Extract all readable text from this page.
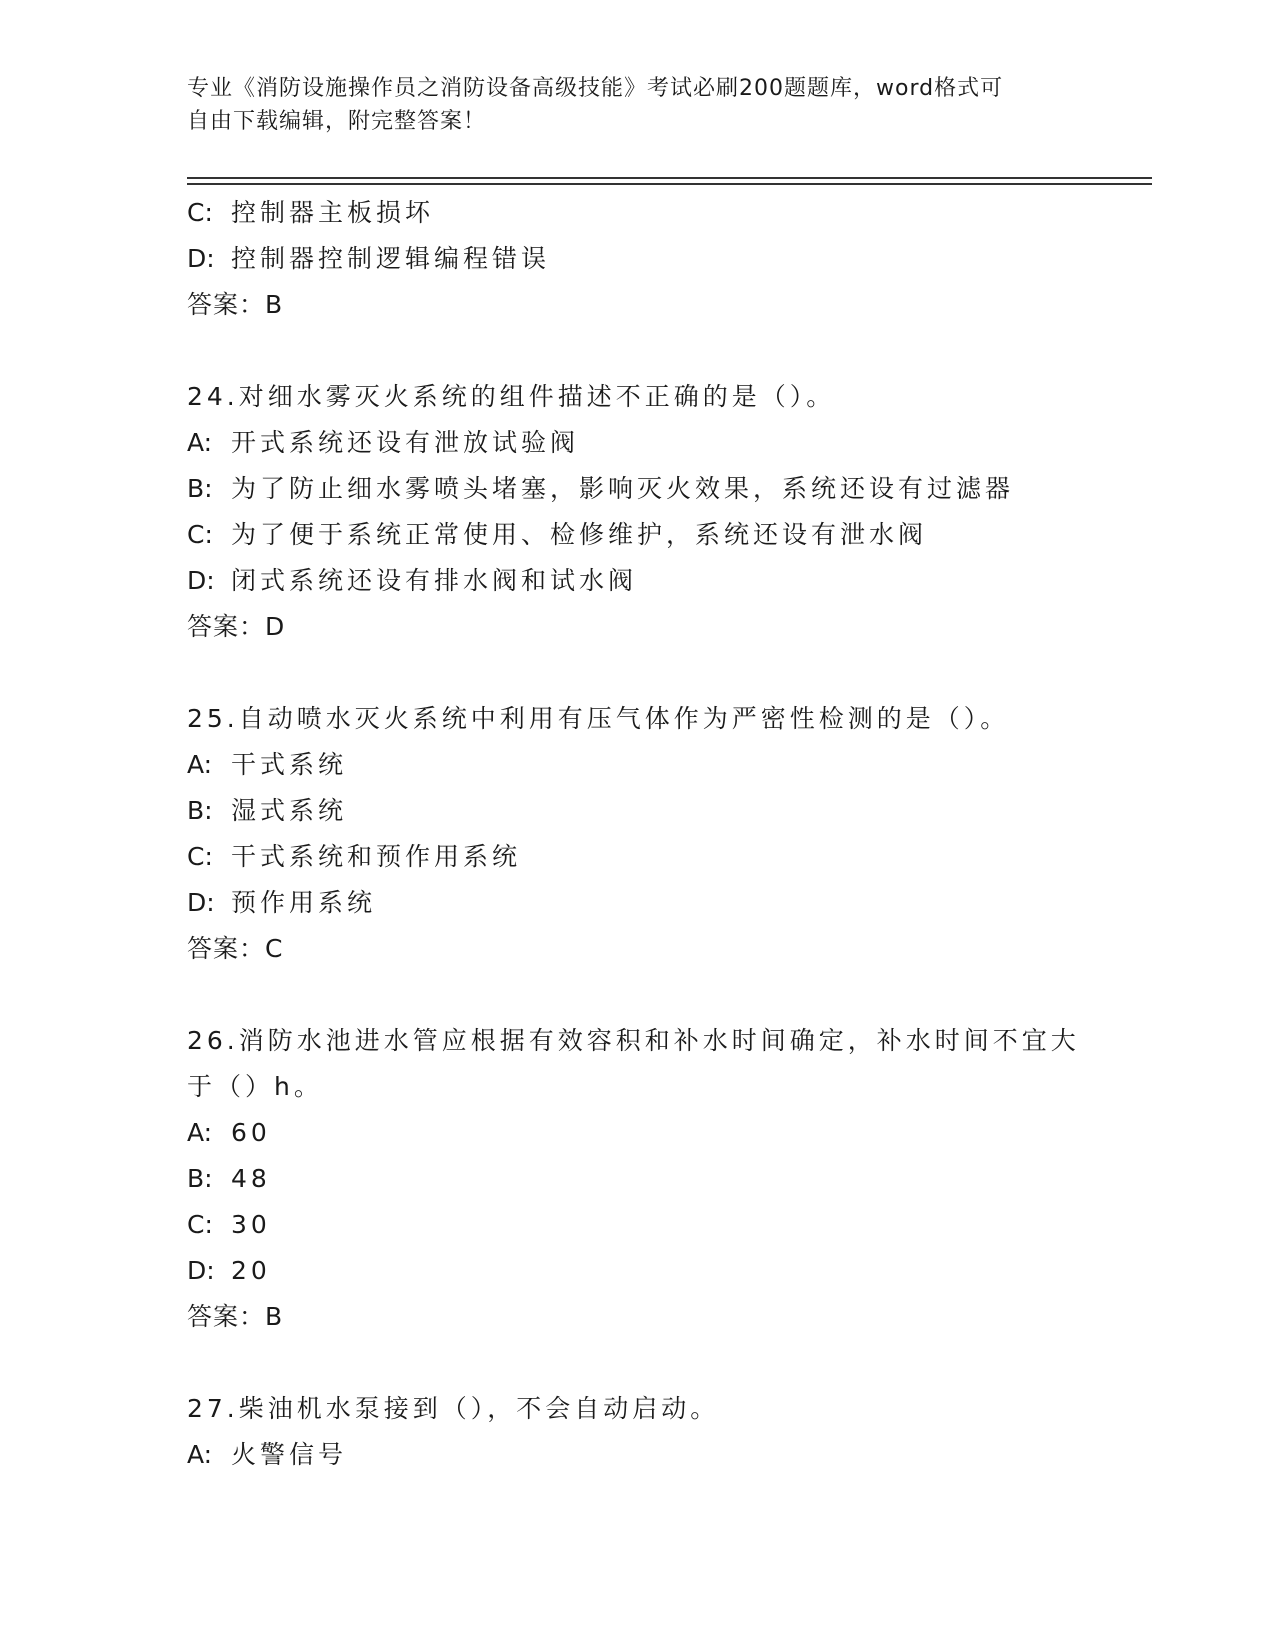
专业《消防设施操作员之消防设备高级技能》考试必刷200题题库，word格式可
自由下载编辑，附完整答案！
C: 控制器主板损坏
D: 控制器控制逻辑编程错误
答案：B
24.对细水雾灭火系统的组件描述不正确的是（）。
A: 开式系统还设有泄放试验阀
B: 为了防止细水雾喷头堵塞，影响灭火效果，系统还设有过滤器
C: 为了便于系统正常使用、检修维护，系统还设有泄水阀
D: 闭式系统还设有排水阀和试水阀
答案：D
25.自动喷水灭火系统中利用有压气体作为严密性检测的是（）。
A: 干式系统
B: 湿式系统
C: 干式系统和预作用系统
D: 预作用系统
答案：C
26.消防水池进水管应根据有效容积和补水时间确定，补水时间不宜大
于（）h。
A: 60
B: 48
C: 30
D: 20
答案：B
27.柴油机水泵接到（），不会自动启动。
A: 火警信号
